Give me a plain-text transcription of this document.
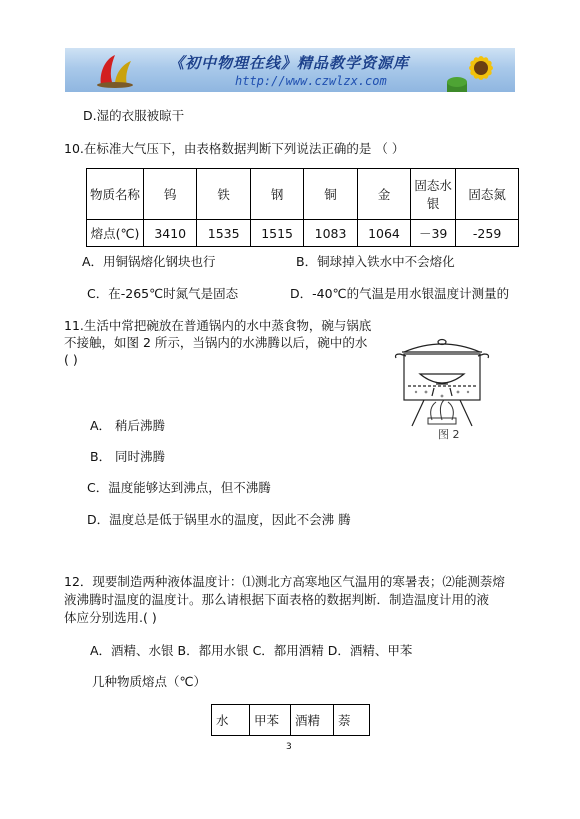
《初中物理在线》精品教学资源库
http://www.czwlzx.com
D.湿的衣服被晾干
10.在标准大气压下，由表格数据判断下列说法正确的是 （ ）
物质名称	钨	铁	钢	铜	金	固态水银	固态氮
熔点(℃)	3410	1535	1515	1083	1064	－39	-259
A．用铜锅熔化钢块也行	B．铜球掉入铁水中不会熔化
C．在-265℃时氮气是固态	D．-40℃的气温是用水银温度计测量的
11.生活中常把碗放在普通锅内的水中蒸食物，碗与锅底
不接触，如图 2 所示，当锅内的水沸腾以后，碗中的水
( )
图 2
A． 稍后沸腾
B． 同时沸腾
C．温度能够达到沸点，但不沸腾
D．温度总是低于锅里水的温度，因此不会沸 腾
12．现要制造两种液体温度计：⑴测北方高寒地区气温用的寒暑表；⑵能测萘熔
液沸腾时温度的温度计。那么请根据下面表格的数据判断．制造温度计用的液
体应分别选用.( )
A．酒精、水银 B．都用水银 C．都用酒精 D．酒精、甲苯
几种物质熔点（℃）
水	甲苯	酒精	萘
3
